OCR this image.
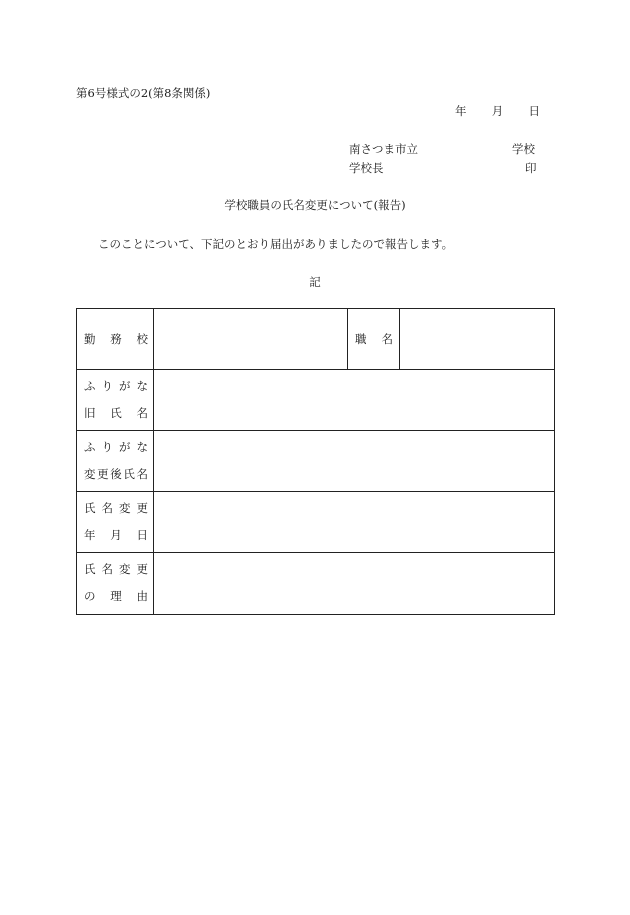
第6号様式の2(第8条関係)
年 月 日
南さつま市立	学校
学校長	印
学校職員の氏名変更について(報告)
このことについて、下記のとおり届出がありましたので報告します。
記
勤 務 校	職 名
ふ り が な
旧 氏 名
ふ り が な
変 更 後 氏 名
氏 名 変 更
年 月 日
氏 名 変 更
の 理 由
